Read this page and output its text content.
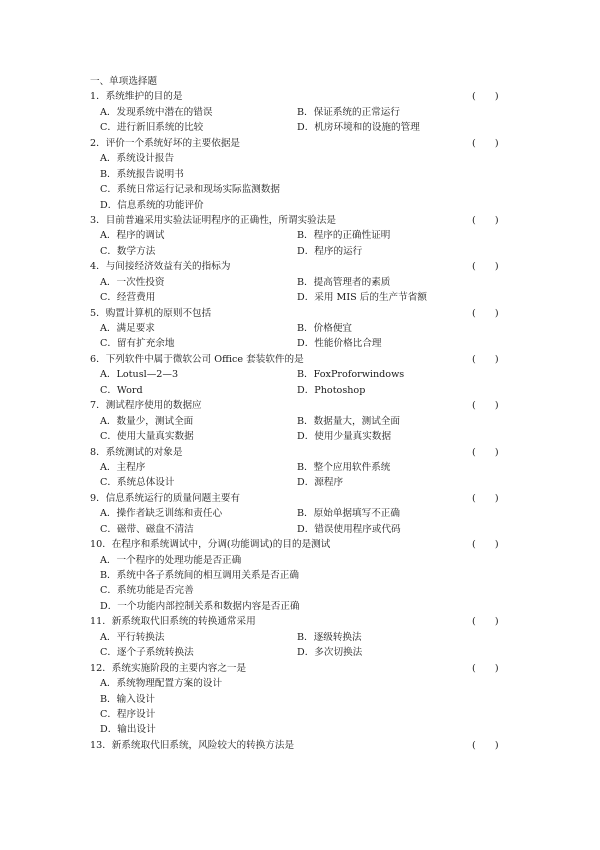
一、单项选择题
1．系统维护的目的是	(　　)
A．发现系统中潜在的错误	B．保证系统的正常运行
C．进行新旧系统的比较	D．机房环境和的设施的管理
2．评价一个系统好坏的主要依据是	(　　)
A．系统设计报告
B．系统报告说明书
C．系统日常运行记录和现场实际监测数据
D．信息系统的功能评价
3．目前普遍采用实验法证明程序的正确性，所谓实验法是	(　　)
A．程序的调试	B．程序的正确性证明
C．数学方法	D．程序的运行
4．与间接经济效益有关的指标为	(　　)
A．一次性投资	B．提高管理者的素质
C．经营费用	D．采用 MIS 后的生产节省额
5．购置计算机的原则不包括	(　　)
A．满足要求	B．价格便宜
C．留有扩充余地	D．性能价格比合理
6．下列软件中属于微软公司 Office 套装软件的是	(　　)
A．Lotusl—2—3	B．FoxProforwindows
C．Word	D．Photoshop
7．测试程序使用的数据应	(　　)
A．数量少，测试全面	B．数据量大，测试全面
C．使用大量真实数据	D．使用少量真实数据
8．系统测试的对象是	(　　)
A．主程序	B．整个应用软件系统
C．系统总体设计	D．源程序
9．信息系统运行的质量问题主要有	(　　)
A．操作者缺乏训练和责任心	B．原始单据填写不正确
C．磁带、磁盘不清洁	D．错误使用程序或代码
10．在程序和系统调试中，分调(功能调试)的目的是测试	(　　)
A．一个程序的处理功能是否正确
B．系统中各子系统间的相互调用关系是否正确
C．系统功能是否完善
D．一个功能内部控制关系和数据内容是否正确
11．新系统取代旧系统的转换通常采用	(　　)
A．平行转换法	B．逐级转换法
C．逐个子系统转换法	D．多次切换法
12．系统实施阶段的主要内容之一是	(　　)
A．系统物理配置方案的设计
B．输入设计
C．程序设计
D．输出设计
13．新系统取代旧系统，风险较大的转换方法是	(　　)
